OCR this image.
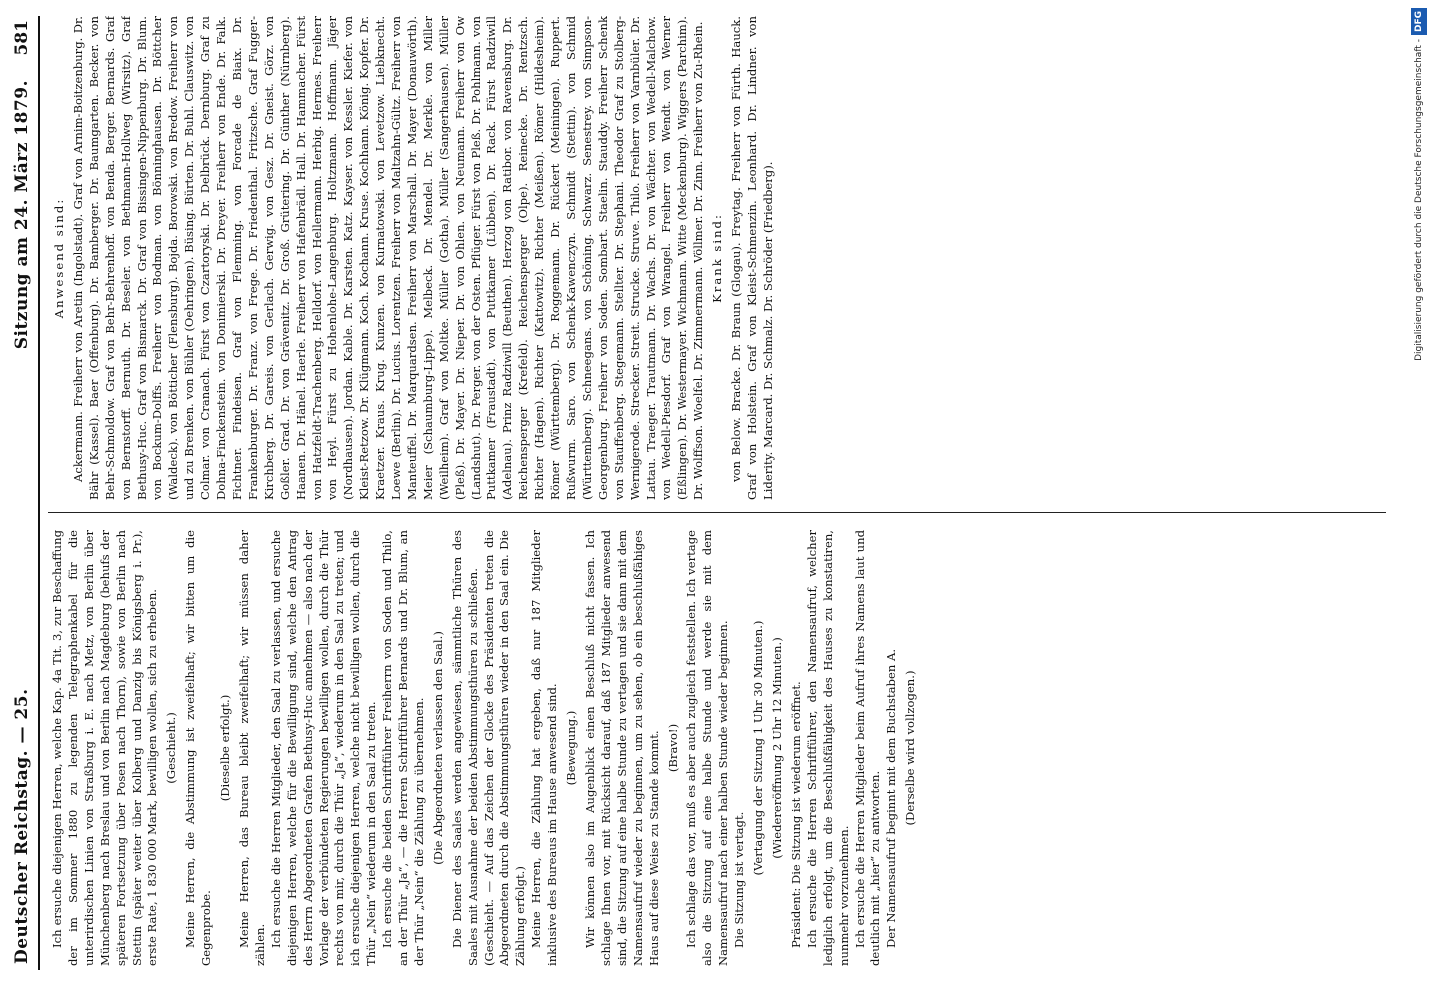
Deutscher Reichstag. — 25.
Sitzung am 24. März 1879.
581

Ich ersuche diejenigen Herren, welche Kap. 4a Tit. 3, zur Beschaffung der im Sommer 1880 zu legenden Telegraphenkabel für die unterirdischen Linien von Straßburg i. E. nach Metz, von Berlin über Münchenberg nach Breslau und von Berlin nach Magdeburg (behufs der späteren Fortsetzung über Posen nach Thorn), sowie von Berlin nach Stettin (später weiter über Kolberg und Danzig bis Königsberg i. Pr.), erste Rate, 1 830 000 Mark, bewilligen wollen, sich zu erheben. (Geschieht.) Meine Herren, die Abstimmung ist zweifelhaft; wir bitten um die Gegenprobe.

(Dieselbe erfolgt.) Meine Herren, das Bureau bleibt zweifelhaft; wir müssen daher zählen. Ich ersuche die Herren Mitglieder, den Saal zu verlassen, und ersuche diejenigen Herren, welche für die Bewilligung sind, welche den Antrag des Herrn Abgeordneten Grafen Bethusy-Huc annehmen — also nach der Vorlage der verbündeten Regierungen bewilligen wollen, durch die Thür rechts von mir, durch die Thür „Ja“, wiederum in den Saal zu treten; und ich ersuche diejenigen Herren, welche nicht bewilligen wollen, durch die Thür „Nein“ wiederum in den Saal zu treten. Ich ersuche die beiden Schriftführer Freiherrn von Soden und Thilo, an der Thür „Ja“, — die Herren Schriftführer Bernards und Dr. Blum, an der Thür „Nein“ die Zählung zu übernehmen. (Die Abgeordneten verlassen den Saal.) Die Diener des Saales werden angewiesen, sämmtliche Thüren des Saales mit Ausnahme der beiden Abstimmungsthüren zu schließen. (Geschieht. — Auf das Zeichen der Glocke des Präsidenten treten die Abgeordneten durch die Abstimmungsthüren wieder in den Saal ein. Die Zählung erfolgt.) Meine Herren, die Zählung hat ergeben, daß nur 187 Mitglieder inklusive des Bureaus im Hause anwesend sind. (Bewegung.) Wir können also im Augenblick einen Beschluß nicht fassen. Ich schlage Ihnen vor, mit Rücksicht darauf, daß 187 Mitglieder anwesend sind, die Sitzung auf eine halbe Stunde zu vertagen und sie dann mit dem Namensaufruf wieder zu beginnen, um zu sehen, ob ein beschlußfähiges Haus auf diese Weise zu Stande kommt. (Bravo!) Ich schlage das vor, muß es aber auch zugleich feststellen. Ich vertage also die Sitzung auf eine halbe Stunde und werde sie mit dem Namensaufruf nach einer halben Stunde wieder beginnen. Die Sitzung ist vertagt.

(Vertagung der Sitzung 1 Uhr 30 Minuten.) (Wiedereröffnung 2 Uhr 12 Minuten.) Präsident: Die Sitzung ist wiederum eröffnet. Ich ersuche die Herren Schriftführer, den Namensaufruf, welcher lediglich erfolgt, um die Beschlußfähigkeit des Hauses zu konstatiren, nunmehr vorzunehmen. Ich ersuche die Herren Mitglieder beim Aufruf ihres Namens laut und deutlich mit „hier“ zu antworten. Der Namensaufruf beginnt mit dem Buchstaben A. (Derselbe wird vollzogen.)

Anwesend sind: Ackermann. Freiherr von Aretin (Ingolstadt). Graf von Arnim-Boitzenburg. Dr. Bähr (Kassel). Baer (Offenburg). Dr. Bamberger. Dr. Baumgarten. Becker. von Behr-Schmoldow. Graf von Behr-Behrenhoff. von Benda. Berger. Bernards. Graf von Bernstorff. Bernuth. Dr. Beseler. von Bethmann-Hollweg (Wirsitz). Graf Bethusy-Huc. Graf von Bismarck. Dr. Graf von Bissingen-Nippenburg. Dr. Blum. von Bockum-Dolffs. Freiherr von Bodman. von Bönninghausen. Dr. Böttcher (Waldeck). von Bötticher (Flensburg). Bojda. Borowski. von Bredow. Freiherr von und zu Brenken. von Bühler (Oehringen). Büsing. Bürten. Dr. Buhl. Clauswitz. von Colmar. von Cranach. Fürst von Czartoryski. Dr. Delbrück. Dernburg. Graf zu Dohna-Finckenstein. von Donimierski. Dr. Dreyer. Freiherr von Ende. Dr. Falk. Fichtner. Findeisen. Graf von Flemming. von Forcade de Biaix. Dr. Frankenburger. Dr. Franz. von Frege. Dr. Friedenthal. Fritzsche. Graf Fugger-Kirchberg. Dr. Gareis. von Gerlach. Gerwig. von Gesz. Dr. Gneist. Görz. von Goßler. Grad. Dr. von Grävenitz. Dr. Groß. Grütering. Dr. Günther (Nürnberg). Haanen. Dr. Hänel. Haerle. Freiherr von Hafenbrädl. Hall. Dr. Hammacher. Fürst von Hatzfeldt-Trachenberg. Helldorf. von Hellermann. Herbig. Hermes. Freiherr von Heyl. Fürst zu Hohenlohe-Langenburg. Holtzmann. Hoffmann. Jäger (Nordhausen). Jordan. Kable. Dr. Karsten. Katz. Kayser. von Kessler. Kiefer. von Kleist-Retzow. Dr. Klügmann. Koch. Kochann. Kruse. Kochhann. König. Kopfer. Dr. Kraetzer. Kraus. Krug. Kunzen. von Kurnatowski. von Levetzow. Liebknecht. Loewe (Berlin). Dr. Lucius. Lorentzen. Freiherr von Maltzahn-Gültz. Freiherr von Manteuffel. Dr. Marquardsen. Freiherr von Marschall. Dr. Mayer (Donauwörth). Meier (Schaumburg-Lippe). Melbeck. Dr. Mendel. Dr. Merkle. von Miller (Weilheim). Graf von Moltke. Müller (Gotha). Müller (Sangerhausen). Müller (Pleß). Dr. Mayer. Dr. Nieper. Dr. von Ohlen. von Neumann. Freiherr von Ow (Landshut). Dr. Perger. von der Osten. Pflüger. Fürst von Pleß. Dr. Pohlmann. von Puttkamer (Fraustadt). von Puttkamer (Lübben). Dr. Rack. Fürst Radziwill (Adelnau). Prinz Radziwill (Beuthen). Herzog von Ratibor. von Ravensburg. Dr. Reichensperger (Krefeld). Reichensperger (Olpe). Reinecke. Dr. Rentzsch. Richter (Hagen). Richter (Kattowitz). Richter (Meißen). Römer (Hildesheim). Römer (Württemberg). Dr. Roggemann. Dr. Rückert (Meiningen). Ruppert. Rußwurm. Saro. von Schenk-Kawenczyn. Schmidt (Stettin). von Schmid (Württemberg). Schneegans. von Schöning. Schwarz. Senestrey. von Simpson-Georgenburg. Freiherr von Soden. Sombart. Staelin. Stauddy. Freiherr Schenk von Stauffenberg. Stegemann. Stellter. Dr. Stephani. Theodor Graf zu Stolberg-Wernigerode. Strecker. Streit. Strucke. Struve. Thilo. Freiherr von Varnbüler. Dr. Lattau. Traeger. Trautmann. Dr. Wachs. Dr. von Wächter. von Wedell-Malchow. von Wedell-Piesdorf. Graf von Wrangel. Freiherr von Wendt. von Werner (Eßlingen). Dr. Westermayer. Wichmann. Witte (Meckenburg). Wiggers (Parchim). Dr. Wolffson. Woelfel. Dr. Zimmermann. Völlmer. Dr. Zinn. Freiherr von Zu-Rhein. Krank sind: von Below. Bracke. Dr. Braun (Glogau). Freytag. Freiherr von Fürth. Hauck. Graf von Holstein. Graf von Kleist-Schmenzin. Leonhard. Dr. Lindner. von Liderity. Marcard. Dr. Schmalz. Dr. Schröder (Friedberg).	Digitalisierung gefördert durch die Deutsche Forschungsgemeinschaft -DFG
